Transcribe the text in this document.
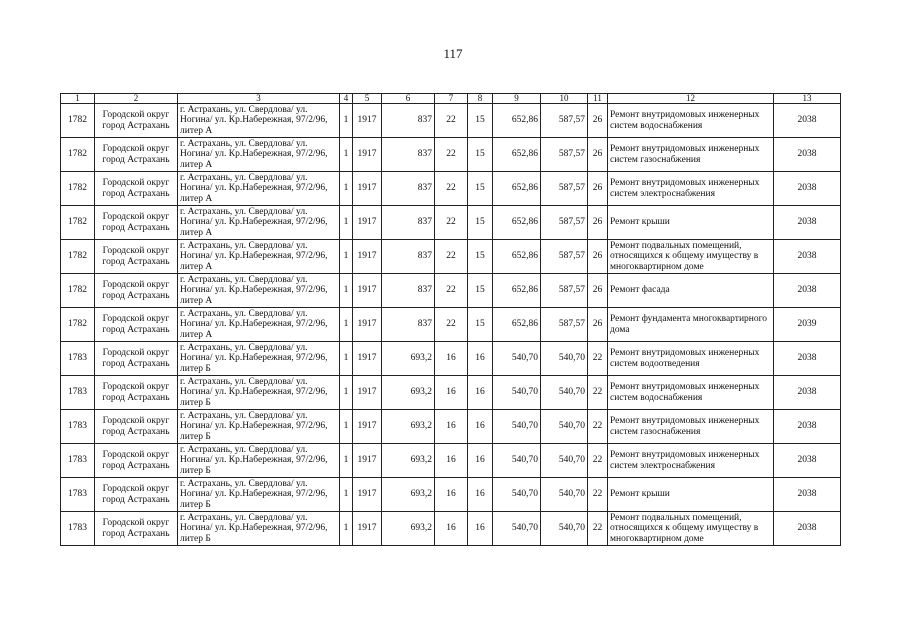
117
1	2	3	4	5	6	7	8	9	10	11	12	13
1782	Городской округ город Астрахань	г. Астрахань, ул. Свердлова/ ул. Ногина/ ул. Кр.Набережная, 97/2/96, литер А	1	1917	837	22	15	652,86	587,57	26	Ремонт внутридомовых инженерных систем водоснабжения	2038
1782	Городской округ город Астрахань	г. Астрахань, ул. Свердлова/ ул. Ногина/ ул. Кр.Набережная, 97/2/96, литер А	1	1917	837	22	15	652,86	587,57	26	Ремонт внутридомовых инженерных систем газоснабжения	2038
1782	Городской округ город Астрахань	г. Астрахань, ул. Свердлова/ ул. Ногина/ ул. Кр.Набережная, 97/2/96, литер А	1	1917	837	22	15	652,86	587,57	26	Ремонт внутридомовых инженерных систем электроснабжения	2038
1782	Городской округ город Астрахань	г. Астрахань, ул. Свердлова/ ул. Ногина/ ул. Кр.Набережная, 97/2/96, литер А	1	1917	837	22	15	652,86	587,57	26	Ремонт крыши	2038
1782	Городской округ город Астрахань	г. Астрахань, ул. Свердлова/ ул. Ногина/ ул. Кр.Набережная, 97/2/96, литер А	1	1917	837	22	15	652,86	587,57	26	Ремонт подвальных помещений, относящихся к общему имуществу в многоквартирном доме	2038
1782	Городской округ город Астрахань	г. Астрахань, ул. Свердлова/ ул. Ногина/ ул. Кр.Набережная, 97/2/96, литер А	1	1917	837	22	15	652,86	587,57	26	Ремонт фасада	2038
1782	Городской округ город Астрахань	г. Астрахань, ул. Свердлова/ ул. Ногина/ ул. Кр.Набережная, 97/2/96, литер А	1	1917	837	22	15	652,86	587,57	26	Ремонт фундамента многоквартирного дома	2039
1783	Городской округ город Астрахань	г. Астрахань, ул. Свердлова/ ул. Ногина/ ул. Кр.Набережная, 97/2/96, литер Б	1	1917	693,2	16	16	540,70	540,70	22	Ремонт внутридомовых инженерных систем водоотведения	2038
1783	Городской округ город Астрахань	г. Астрахань, ул. Свердлова/ ул. Ногина/ ул. Кр.Набережная, 97/2/96, литер Б	1	1917	693,2	16	16	540,70	540,70	22	Ремонт внутридомовых инженерных систем водоснабжения	2038
1783	Городской округ город Астрахань	г. Астрахань, ул. Свердлова/ ул. Ногина/ ул. Кр.Набережная, 97/2/96, литер Б	1	1917	693,2	16	16	540,70	540,70	22	Ремонт внутридомовых инженерных систем газоснабжения	2038
1783	Городской округ город Астрахань	г. Астрахань, ул. Свердлова/ ул. Ногина/ ул. Кр.Набережная, 97/2/96, литер Б	1	1917	693,2	16	16	540,70	540,70	22	Ремонт внутридомовых инженерных систем электроснабжения	2038
1783	Городской округ город Астрахань	г. Астрахань, ул. Свердлова/ ул. Ногина/ ул. Кр.Набережная, 97/2/96, литер Б	1	1917	693,2	16	16	540,70	540,70	22	Ремонт крыши	2038
1783	Городской округ город Астрахань	г. Астрахань, ул. Свердлова/ ул. Ногина/ ул. Кр.Набережная, 97/2/96, литер Б	1	1917	693,2	16	16	540,70	540,70	22	Ремонт подвальных помещений, относящихся к общему имуществу в многоквартирном доме	2038
